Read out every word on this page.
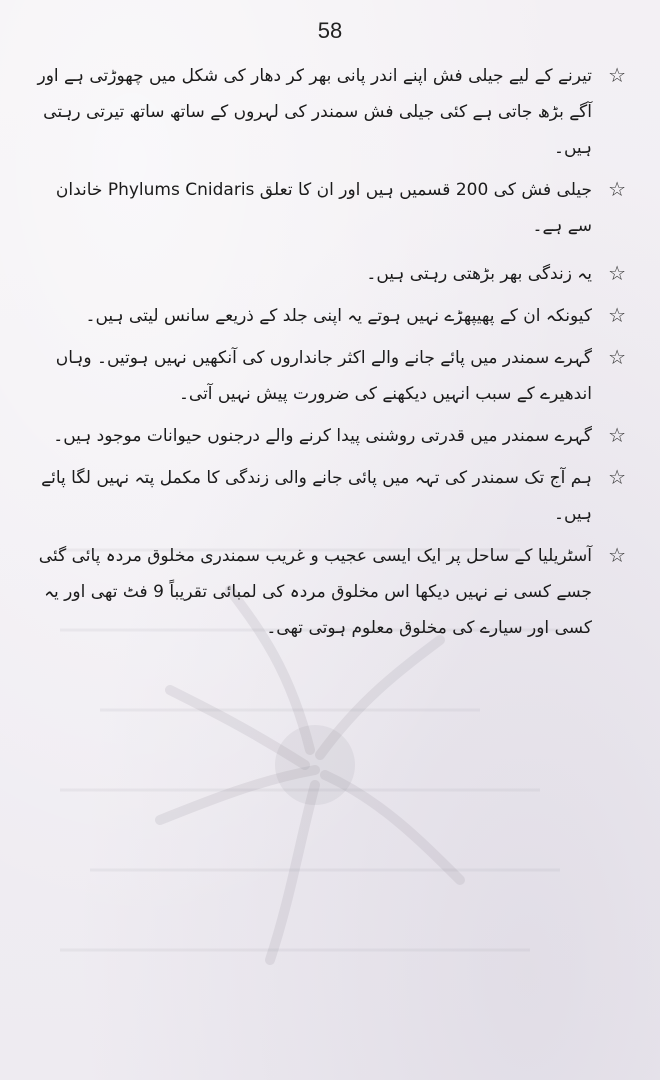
58
☆
تیرنے کے لیے جیلی فش اپنے اندر پانی بھر کر دھار کی شکل میں چھوڑتی ہے اور آگے بڑھ جاتی ہے کئی جیلی فش سمندر کی لہروں کے ساتھ ساتھ تیرتی رہتی ہیں۔
☆
جیلی فش کی 200 قسمیں ہیں اور ان کا تعلق Phylums Cnidaris خاندان سے ہے۔
☆
یہ زندگی بھر بڑھتی رہتی ہیں۔
☆
کیونکہ ان کے پھیپھڑے نہیں ہوتے یہ اپنی جلد کے ذریعے سانس لیتی ہیں۔
☆
گہرے سمندر میں پائے جانے والے اکثر جانداروں کی آنکھیں نہیں ہوتیں۔ وہاں اندھیرے کے سبب انہیں دیکھنے کی ضرورت پیش نہیں آتی۔
☆
گہرے سمندر میں قدرتی روشنی پیدا کرنے والے درجنوں حیوانات موجود ہیں۔
☆
ہم آج تک سمندر کی تہہ میں پائی جانے والی زندگی کا مکمل پتہ نہیں لگا پائے ہیں۔
☆
آسٹریلیا کے ساحل پر ایک ایسی عجیب و غریب سمندری مخلوق مردہ پائی گئی جسے کسی نے نہیں دیکھا اس مخلوق مردہ کی لمبائی تقریباً 9 فٹ تھی اور یہ کسی اور سیارے کی مخلوق معلوم ہوتی تھی۔
